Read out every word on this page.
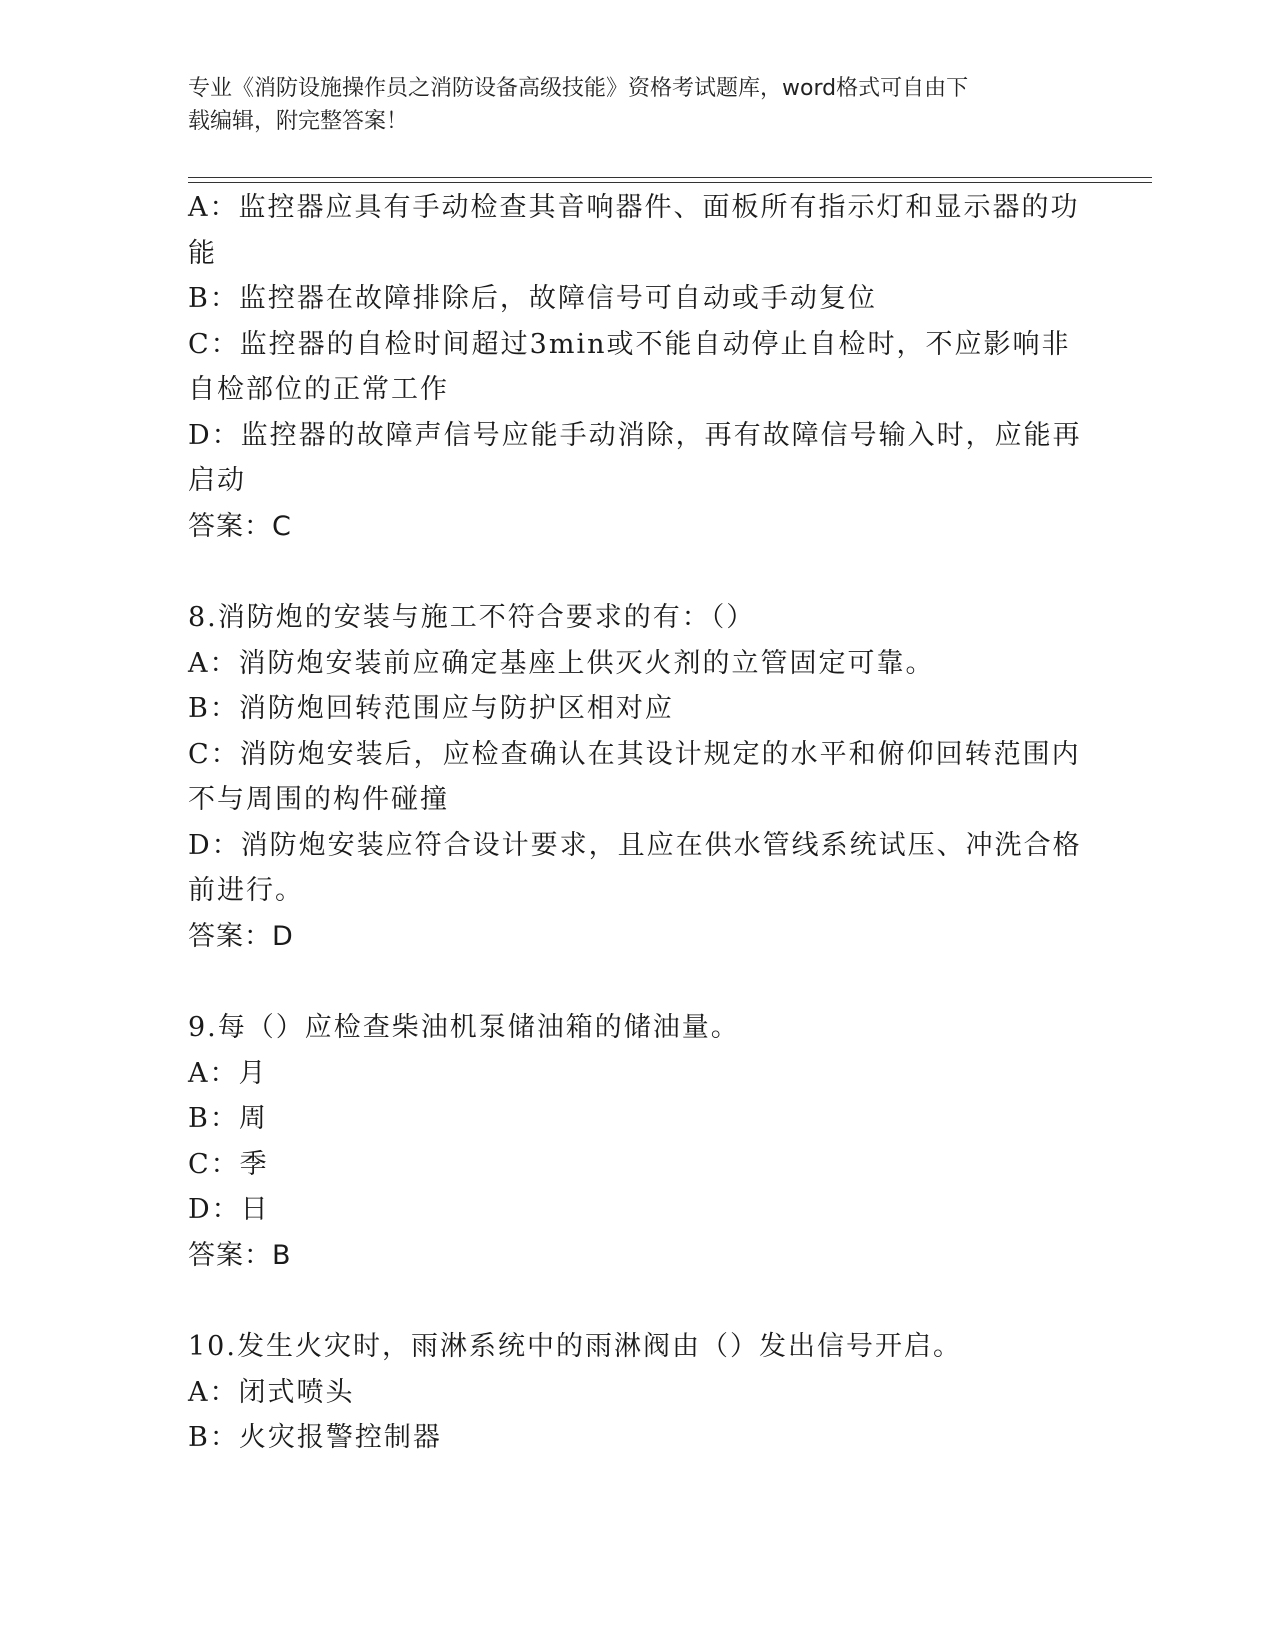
专业《消防设施操作员之消防设备高级技能》资格考试题库，word格式可自由下
载编辑，附完整答案！
A：监控器应具有手动检查其音响器件、面板所有指示灯和显示器的功
能
B：监控器在故障排除后，故障信号可自动或手动复位
C：监控器的自检时间超过3min或不能自动停止自检时，不应影响非
自检部位的正常工作
D：监控器的故障声信号应能手动消除，再有故障信号输入时，应能再
启动
答案：C
8.消防炮的安装与施工不符合要求的有：（）
A：消防炮安装前应确定基座上供灭火剂的立管固定可靠。
B：消防炮回转范围应与防护区相对应
C：消防炮安装后，应检查确认在其设计规定的水平和俯仰回转范围内
不与周围的构件碰撞
D：消防炮安装应符合设计要求，且应在供水管线系统试压、冲洗合格
前进行。
答案：D
9.每（）应检查柴油机泵储油箱的储油量。
A：月
B：周
C：季
D：日
答案：B
10.发生火灾时，雨淋系统中的雨淋阀由（）发出信号开启。
A：闭式喷头
B：火灾报警控制器
